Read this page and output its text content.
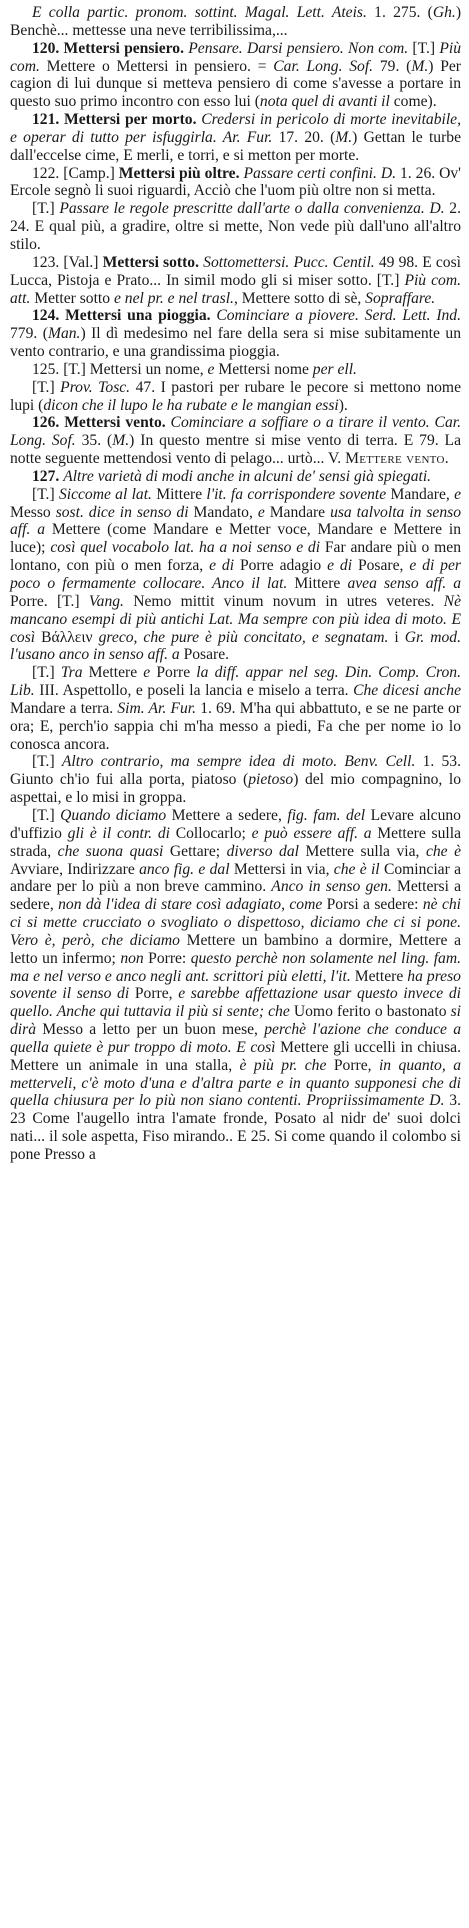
E colla partic. pronom. sottint. Magal. Lett. Ateis. 1. 275. (Gh.) Benchè... mettesse una neve terribilissima,...

120. Mettersi pensiero. Pensare. Darsi pensiero. Non com. [T.] Più com. Mettere o Mettersi in pensiero. = Car. Long. Sof. 79. (M.) Per cagion di lui dunque si metteva pensiero di come s'avesse a portare in questo suo primo incontro con esso lui (nota quel di avanti il come).

121. Mettersi per morto. Credersi in pericolo di morte inevitabile, e operar di tutto per isfuggirla. Ar. Fur. 17. 20. (M.) Gettan le turbe dall'eccelse cime, E merli, e torri, e si metton per morte.

122. [Camp.] Mettersi più oltre. Passare certi confini. D. 1. 26. Ov' Ercole segnò li suoi riguardi, Acciò che l'uom più oltre non si metta.

[T.] Passare le regole prescritte dall'arte o dalla convenienza. D. 2. 24. E qual più, a gradire, oltre si mette, Non vede più dall'uno all'altro stilo.

123. [Val.] Mettersi sotto. Sottomettersi. Pucc. Centil. 49 98. E così Lucca, Pistoja e Prato... In simil modo gli si miser sotto. [T.] Più com. att. Metter sotto e nel pr. e nel trasl., Mettere sotto di sè, Sopraffare.

124. Mettersi una pioggia. Cominciare a piovere. Serd. Lett. Ind. 779. (Man.) Il dì medesimo nel fare della sera si mise subitamente un vento contrario, e una grandissima pioggia.

125. [T.] Mettersi un nome, e Mettersi nome per ell.

[T.] Prov. Tosc. 47. I pastori per rubare le pecore si mettono nome lupi (dicon che il lupo le ha rubate e le mangian essi).

126. Mettersi vento. Cominciare a soffiare o a tirare il vento. Car. Long. Sof. 35. (M.) In questo mentre si mise vento di terra. E 79. La notte seguente mettendosi vento di pelago... urtò... V. Mettere vento.

127. Altre varietà di modi anche in alcuni de' sensi già spiegati.

[T.] Siccome al lat. Mittere l'it. fa corrispondere sovente Mandare, e Messo sost. dice in senso di Mandato, e Mandare usa talvolta in senso aff. a Mettere (come Mandare e Metter voce, Mandare e Mettere in luce); così quel vocabolo lat. ha a noi senso e di Far andare più o men lontano, con più o men forza, e di Porre adagio e di Posare, e di per poco o fermamente collocare. Anco il lat. Mittere avea senso aff. a Porre. [T.] Vang. Nemo mittit vinum novum in utres veteres. Nè mancano esempi di più antichi Lat. Ma sempre con più idea di moto. E così Βάλλειν greco, che pure è più concitato, e segnatam. i Gr. mod. l'usano anco in senso aff. a Posare.

[T.] Tra Mettere e Porre la diff. appar nel seg. Din. Comp. Cron. Lib. III. Aspettollo, e poseli la lancia e miselo a terra. Che dicesi anche Mandare a terra. Sim. Ar. Fur. 1. 69. M'ha qui abbattuto, e se ne parte or ora; E, perch'io sappia chi m'ha messo a piedi, Fa che per nome io lo conosca ancora.

[T.] Altro contrario, ma sempre idea di moto. Benv. Cell. 1. 53. Giunto ch'io fui alla porta, piatoso (pietoso) del mio compagnino, lo aspettai, e lo misi in groppa.

[T.] Quando diciamo Mettere a sedere, fig. fam. del Levare alcuno d'uffizio gli è il contr. di Collocarlo; e può essere aff. a Mettere sulla strada, che suona quasi Gettare; diverso dal Mettere sulla via, che è Avviare, Indirizzare anco fig. e dal Mettersi in via, che è il Cominciar a andare per lo più a non breve cammino. Anco in senso gen. Mettersi a sedere, non dà l'idea di stare così adagiato, come Porsi a sedere: nè chi ci si mette crucciato o svogliato o dispettoso, diciamo che ci si pone. Vero è, però, che diciamo Mettere un bambino a dormire, Mettere a letto un infermo; non Porre: questo perchè non solamente nel ling. fam. ma e nel verso e anco negli ant. scrittori più eletti, l'it. Mettere ha preso sovente il senso di Porre, e sarebbe affettazione usar questo invece di quello. Anche qui tuttavia il più si sente; che Uomo ferito o bastonato si dirà Messo a letto per un buon mese, perchè l'azione che conduce a quella quiete è pur troppo di moto. E così Mettere gli uccelli in chiusa. Mettere un animale in una stalla, è più pr. che Porre, in quanto, a metterveli, c'è moto d'una e d'altra parte e in quanto supponesi che di quella chiusura per lo più non siano contenti. Propriissimamente D. 3. 23 Come l'augello intra l'amate fronde, Posato al nidr de' suoi dolci nati... il sole aspetta, Fiso mirando.. E 25. Si come quando il colombo si pone Presso a
